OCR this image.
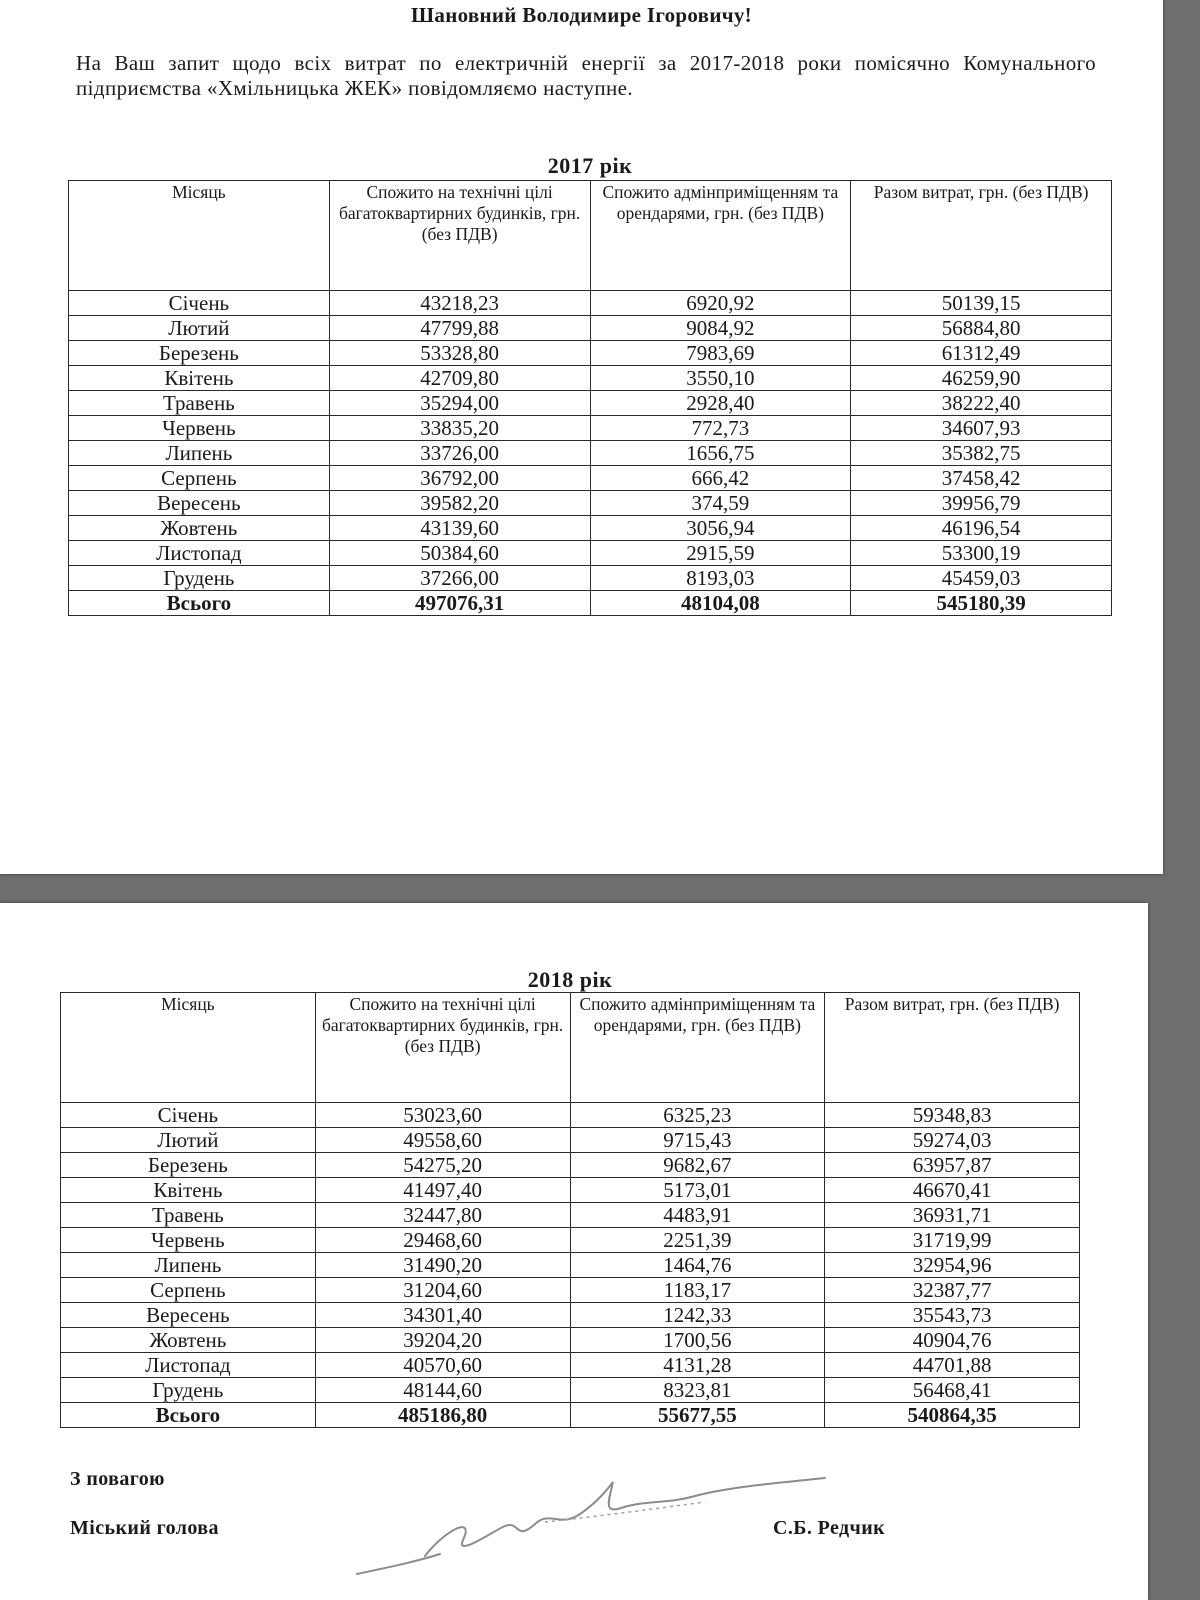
Шановний Володимире Ігоровичу!
На Ваш запит щодо всіх витрат по електричній енергії за 2017-2018 роки помісячно Комунального підприємства «Хмільницька ЖЕК» повідомляємо наступне.
2017 рік
Місяць	Спожито на технічні цілі багатоквартирних будинків, грн.(без ПДВ)	Спожито адмінприміщенням та орендарями, грн. (без ПДВ)	Разом витрат, грн. (без ПДВ)
Січень	43218,23	6920,92	50139,15
Лютий	47799,88	9084,92	56884,80
Березень	53328,80	7983,69	61312,49
Квітень	42709,80	3550,10	46259,90
Травень	35294,00	2928,40	38222,40
Червень	33835,20	772,73	34607,93
Липень	33726,00	1656,75	35382,75
Серпень	36792,00	666,42	37458,42
Вересень	39582,20	374,59	39956,79
Жовтень	43139,60	3056,94	46196,54
Листопад	50384,60	2915,59	53300,19
Грудень	37266,00	8193,03	45459,03
Всього	497076,31	48104,08	545180,39
2018 рік
Місяць	Спожито на технічні цілі багатоквартирних будинків, грн.(без ПДВ)	Спожито адмінприміщенням та орендарями, грн. (без ПДВ)	Разом витрат, грн. (без ПДВ)
Січень	53023,60	6325,23	59348,83
Лютий	49558,60	9715,43	59274,03
Березень	54275,20	9682,67	63957,87
Квітень	41497,40	5173,01	46670,41
Травень	32447,80	4483,91	36931,71
Червень	29468,60	2251,39	31719,99
Липень	31490,20	1464,76	32954,96
Серпень	31204,60	1183,17	32387,77
Вересень	34301,40	1242,33	35543,73
Жовтень	39204,20	1700,56	40904,76
Листопад	40570,60	4131,28	44701,88
Грудень	48144,60	8323,81	56468,41
Всього	485186,80	55677,55	540864,35
З повагою
Міський голова	С.Б. Редчик
